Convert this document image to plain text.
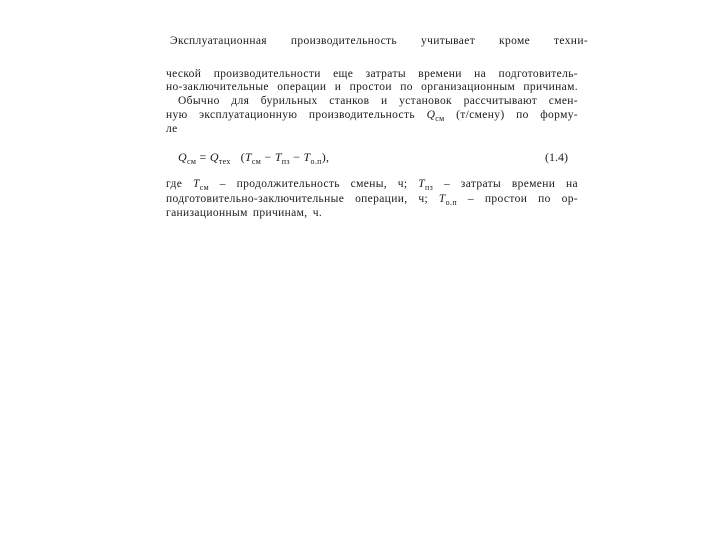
Эксплуатационная производительность учитывает кроме техни-
ческой производительности еще затраты времени на подготовитель-
но-заключительные операции и простои по организационным причинам.
Обычно для бурильных станков и установок рассчитывают смен-
ную эксплуатационную производительность $Q_{см}$ (т/смену) по форму-
ле
$Q_{см} = Q_{тех}$ $(T_{см} - T_{пз} - T_{о.п})$,	(1.4)
где $T_{см}$ – продолжительность смены, ч; $T_{пз}$ – затраты времени на
подготовительно-заключительные операции, ч; $T_{о.п}$ – простои по ор-
ганизационным причинам, ч.
